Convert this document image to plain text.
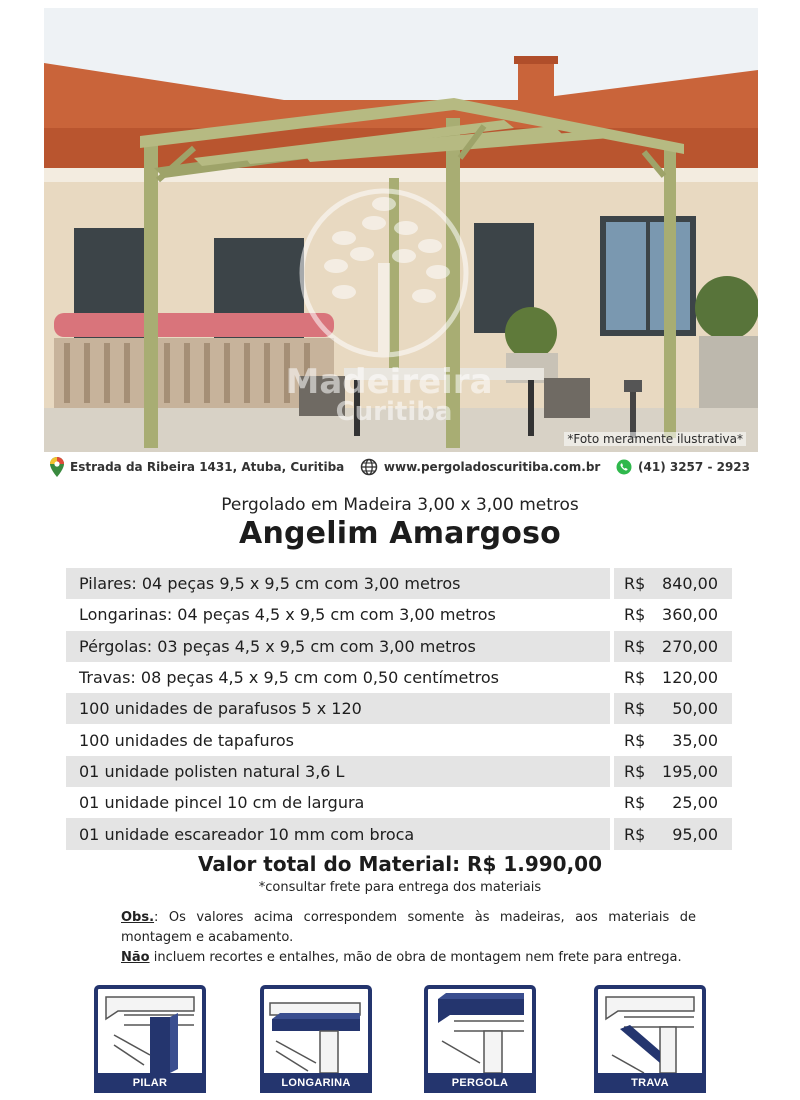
Madeireira
Curitiba
*Foto meramente ilustrativa*
Estrada da Ribeira 1431, Atuba, Curitiba	www.pergoladoscuritiba.com.br	(41) 3257 - 2923
Pergolado em Madeira 3,00 x 3,00 metros
Angelim Amargoso
Pilares: 04 peças 9,5 x 9,5 cm com 3,00 metros	R$ 840,00
Longarinas: 04 peças 4,5 x 9,5 cm com 3,00 metros	R$ 360,00
Pérgolas: 03 peças 4,5 x 9,5 cm com 3,00 metros	R$ 270,00
Travas: 08 peças 4,5 x 9,5 cm com 0,50 centímetros	R$ 120,00
100 unidades de parafusos 5 x 120	R$ 50,00
100 unidades de tapafuros	R$ 35,00
01 unidade polisten natural 3,6 L	R$ 195,00
01 unidade pincel 10 cm de largura	R$ 25,00
01 unidade escareador 10 mm com broca	R$ 95,00
Valor total do Material: R$ 1.990,00
*consultar frete para entrega dos materiais
Obs.: Os valores acima correspondem somente às madeiras, aos materiais de montagem e acabamento.
Não incluem recortes e entalhes, mão de obra de montagem nem frete para entrega.
PILAR	LONGARINA	PERGOLA	TRAVA
